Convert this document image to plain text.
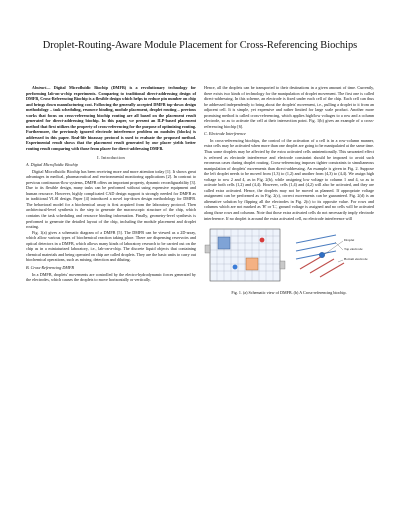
Droplet-Routing-Aware Module Placement for Cross-Referencing Biochips

Abstract— Digital Microfluidic Biochip (DMFB) is a revolutionary technology for performing lab-on-a-chip experiments. Comparing to traditional direct-addressing design of DMFB, Cross-Referencing Biochip is a flexible design which helps to reduce pin number on chip and brings down manufacturing cost. Following the generally accepted DMFB top-down design methodology – task scheduling, resource binding, module placement, droplet routing – previous works that focus on cross-referencing biochip routing are all based on the placement result generated for direct-addressing biochip. In this paper, we present an ILP-based placement method that first utilizes the property of cross-referencing for the purpose of optimizing routing. Furthermore, the previously ignored electrode interference problem on modules (blocks) is addressed in this paper. Real-life bioassay protocol is used to evaluate the proposed method. Experimental result shows that the placement result generated by our placer yields better routing result comparing with those from placer for direct-addressing DMFB.

I. Introduction
A. Digital Microfluidic Biochip

Digital Microfluidic Biochip has been receiving more and more attention today [1]. It shows great advantages in medical, pharmaceutical and environmental monitoring applications [2]. In contrast to previous continuous-flow systems, DMFB offers an important property, dynamic reconfigurability [3]. Due to its flexible design, many tasks can be performed without using expensive equipment and human resource. However, highly complicated CAD design support is strongly needed for DMFB as in traditional VLSI design. Paper [4] introduced a novel top-down design methodology for DMFB. The behavioral model for a biochemical assay is first acquired from the laboratory protocol. Then architectural-level synthesis is the step to generate the macroscopic structure of the chip, which contains the task scheduling and resource binding information. Finally, geometry-level synthesis is performed to generate the detailed layout of the chip, including the module placement and droplet routing.

Fig. 1(a) gives a schematic diagram of a DMFB [5]. The DMFB can be viewed as a 2D-array, which allow various types of biochemical reaction taking place. There are dispensing reservoirs and optical detectors in a DMFB, which allows many kinds of laboratory research to be carried out on the chip as in a miniaturized laboratory, i.e., lab-on-a-chip. The discrete liquid objects that containing chemical materials and being operated on chip are called droplets. They are the basic units to carry out biochemical operations, such as mixing, detection and diluting.

B. Cross-Referencing DMFB

In a DMFB, droplets' movements are controlled by the electro-hydrodynamic forces generated by the electrodes, which causes the droplets to move horizontally or vertically.

Hence, all the droplets can be transported to their destinations in a given amount of time. Currently, there exists two kinds of technology for the manipulation of droplet movement. The first one is called direct-addressing. In this scheme, an electrode is fixed under each cell of the chip. Each cell can thus be addressed independently to bring about the droplets' movement, i.e., pulling a droplet to it from an adjacent cell. It is simple, yet expensive and rather limited for large scale product. Another more promising method is called cross-referencing, which applies high/low voltages to a row and a column electrode, so as to activate the cell at their intersection point. Fig. 1(b) gives an example of a cross-referencing biochip [6].

C. Electrode Interference

In cross-referencing biochips, the control of the activation of a cell is in a row-column manner, extra cells may be activated when more than one droplet are going to be manipulated at the same time. Thus some droplets may be affected by the extra activated cells unintentionally. This unwanted effect is referred as electrode interference and electrode constraint should be imposed to avoid such erroneous cases during droplet routing. Cross-referencing imposes tighter constraints to simultaneous manipulation of droplets' movements than direct-addressing. An example is given in Fig. 2. Suppose the left droplet needs to be moved from (1,3) to (1,2) and another from (4,3) to (4,4). We assign high voltage to row 2 and 4, as in Fig. 2(b), while assigning low voltage to column 1 and 4, so as to activate both cells (1,2) and (4,4). However, cells (1,4) and (4,2) will also be activated, and they are called extra activated. Hence, the droplets may not be moved as planned. If appropriate voltage assignment can be performed as in Fig. 2(c), correct movements can be guaranteed. Fig. 2(d) is an alternative solution by flipping all the electrodes in Fig. 2(c) to its opposite value. For rows and columns which are not marked as 'H' or 'L', ground voltage is assigned and no cells will be activated along those rows and columns. Note that those extra activated cells do not necessarily imply electrode interference. If no droplet is around the extra activated cell, no electrode interference will

Droplet
Top electrode
Bottom electrode
Fig. 1. (a) Schematic view of DMFB. (b) A Cross-referencing biochip.
